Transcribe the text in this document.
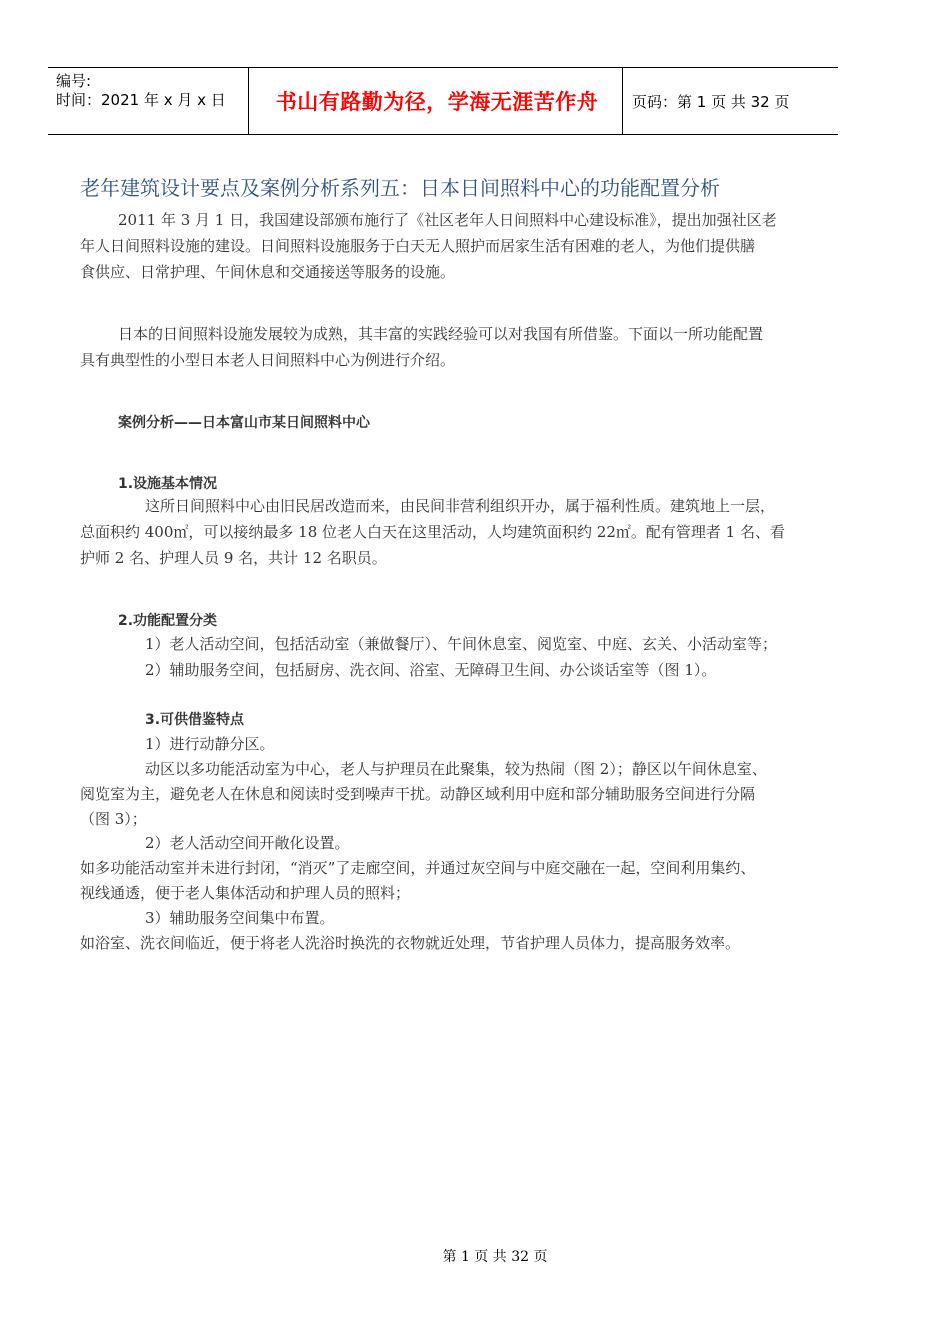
编号:
时间：2021 年 x 月 x 日	书山有路勤为径，学海无涯苦作舟	页码：第 1 页 共 32 页
老年建筑设计要点及案例分析系列五：日本日间照料中心的功能配置分析
2011 年 3 月 1 日，我国建设部颁布施行了《社区老年人日间照料中心建设标准》，提出加强社区老
年人日间照料设施的建设。日间照料设施服务于白天无人照护而居家生活有困难的老人，为他们提供膳
食供应、日常护理、午间休息和交通接送等服务的设施。
日本的日间照料设施发展较为成熟，其丰富的实践经验可以对我国有所借鉴。下面以一所功能配置
具有典型性的小型日本老人日间照料中心为例进行介绍。
案例分析——日本富山市某日间照料中心
1.设施基本情况
这所日间照料中心由旧民居改造而来，由民间非营利组织开办，属于福利性质。建筑地上一层，
总面积约 400㎡，可以接纳最多 18 位老人白天在这里活动，人均建筑面积约 22㎡。配有管理者 1 名、看
护师 2 名、护理人员 9 名，共计 12 名职员。
2.功能配置分类
1）老人活动空间，包括活动室（兼做餐厅）、午间休息室、阅览室、中庭、玄关、小活动室等；
2）辅助服务空间，包括厨房、洗衣间、浴室、无障碍卫生间、办公谈话室等（图 1）。
3.可供借鉴特点
1）进行动静分区。
动区以多功能活动室为中心，老人与护理员在此聚集，较为热闹（图 2）；静区以午间休息室、
阅览室为主，避免老人在休息和阅读时受到噪声干扰。动静区域利用中庭和部分辅助服务空间进行分隔
（图 3）；
2）老人活动空间开敞化设置。
如多功能活动室并未进行封闭，“消灭”了走廊空间，并通过灰空间与中庭交融在一起，空间利用集约、
视线通透，便于老人集体活动和护理人员的照料；
3）辅助服务空间集中布置。
如浴室、洗衣间临近，便于将老人洗浴时换洗的衣物就近处理，节省护理人员体力，提高服务效率。
第 1 页 共 32 页
